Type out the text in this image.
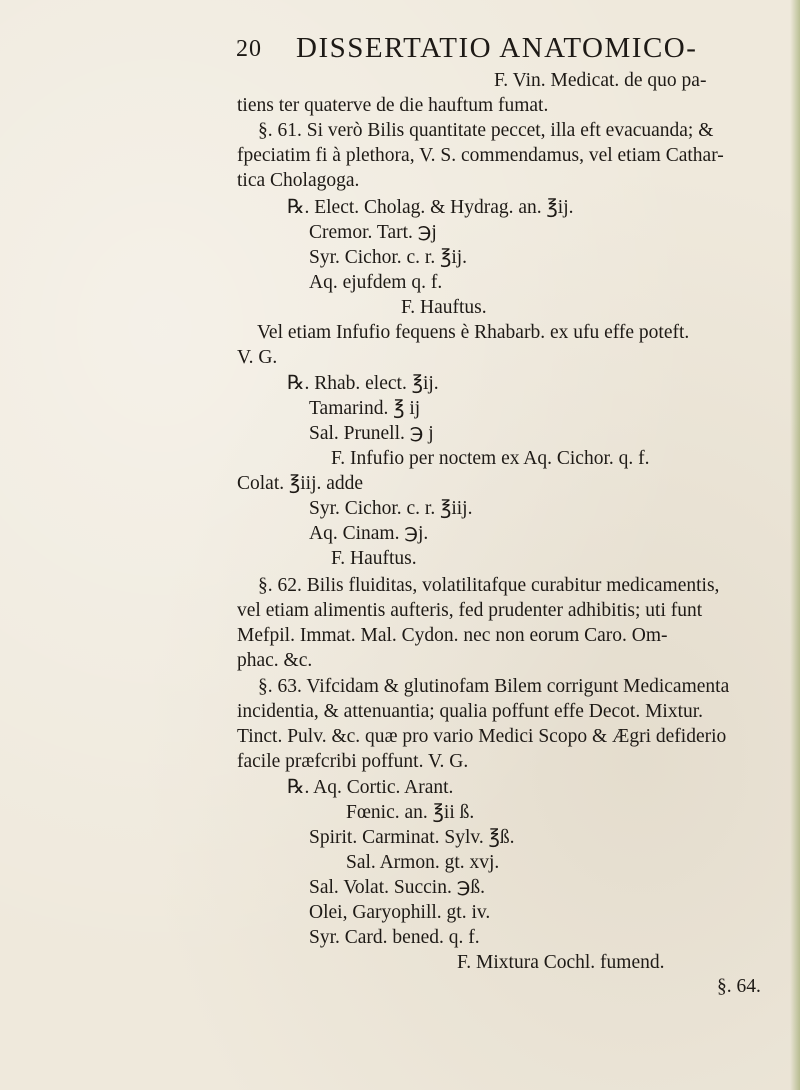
20 DISSERTATIO ANATOMICO-
F. Vin. Medicat. de quo pa-
tiens ter quaterve de die hauftum fumat.
§. 61. Si verò Bilis quantitate peccet, illa eft evacuanda; &
fpeciatim fi à plethora, V. S. commendamus, vel etiam Cathar-
tica Cholagoga.
℞. Elect. Cholag. & Hydrag. an. ℥ij.
Cremor. Tart. ℈j
Syr. Cichor. c. r. ℥ij.
Aq. ejufdem q. f.
F. Hauftus.
Vel etiam Infufio fequens è Rhabarb. ex ufu effe poteft.
V. G.
℞. Rhab. elect. ℥ij.
Tamarind. ℥ ij
Sal. Prunell. ℈ j
F. Infufio per noctem ex Aq. Cichor. q. f.
Colat. ℥iij. adde
Syr. Cichor. c. r. ℥iij.
Aq. Cinam. ℈j.
F. Hauftus.
§. 62. Bilis fluiditas, volatilitafque curabitur medicamentis,
vel etiam alimentis aufteris, fed prudenter adhibitis; uti funt
Mefpil. Immat. Mal. Cydon. nec non eorum Caro. Om-
phac. &c.
§. 63. Vifcidam & glutinofam Bilem corrigunt Medicamenta
incidentia, & attenuantia; qualia poffunt effe Decot. Mixtur.
Tinct. Pulv. &c. quæ pro vario Medici Scopo & Ægri defiderio
facile præfcribi poffunt. V. G.
℞. Aq. Cortic. Arant.
Fœnic. an. ℥ii ß.
Spirit. Carminat. Sylv. ℥ß.
Sal. Armon. gt. xvj.
Sal. Volat. Succin. ℈ß.
Olei, Garyophill. gt. iv.
Syr. Card. bened. q. f.
F. Mixtura Cochl. fumend.
§. 64.
